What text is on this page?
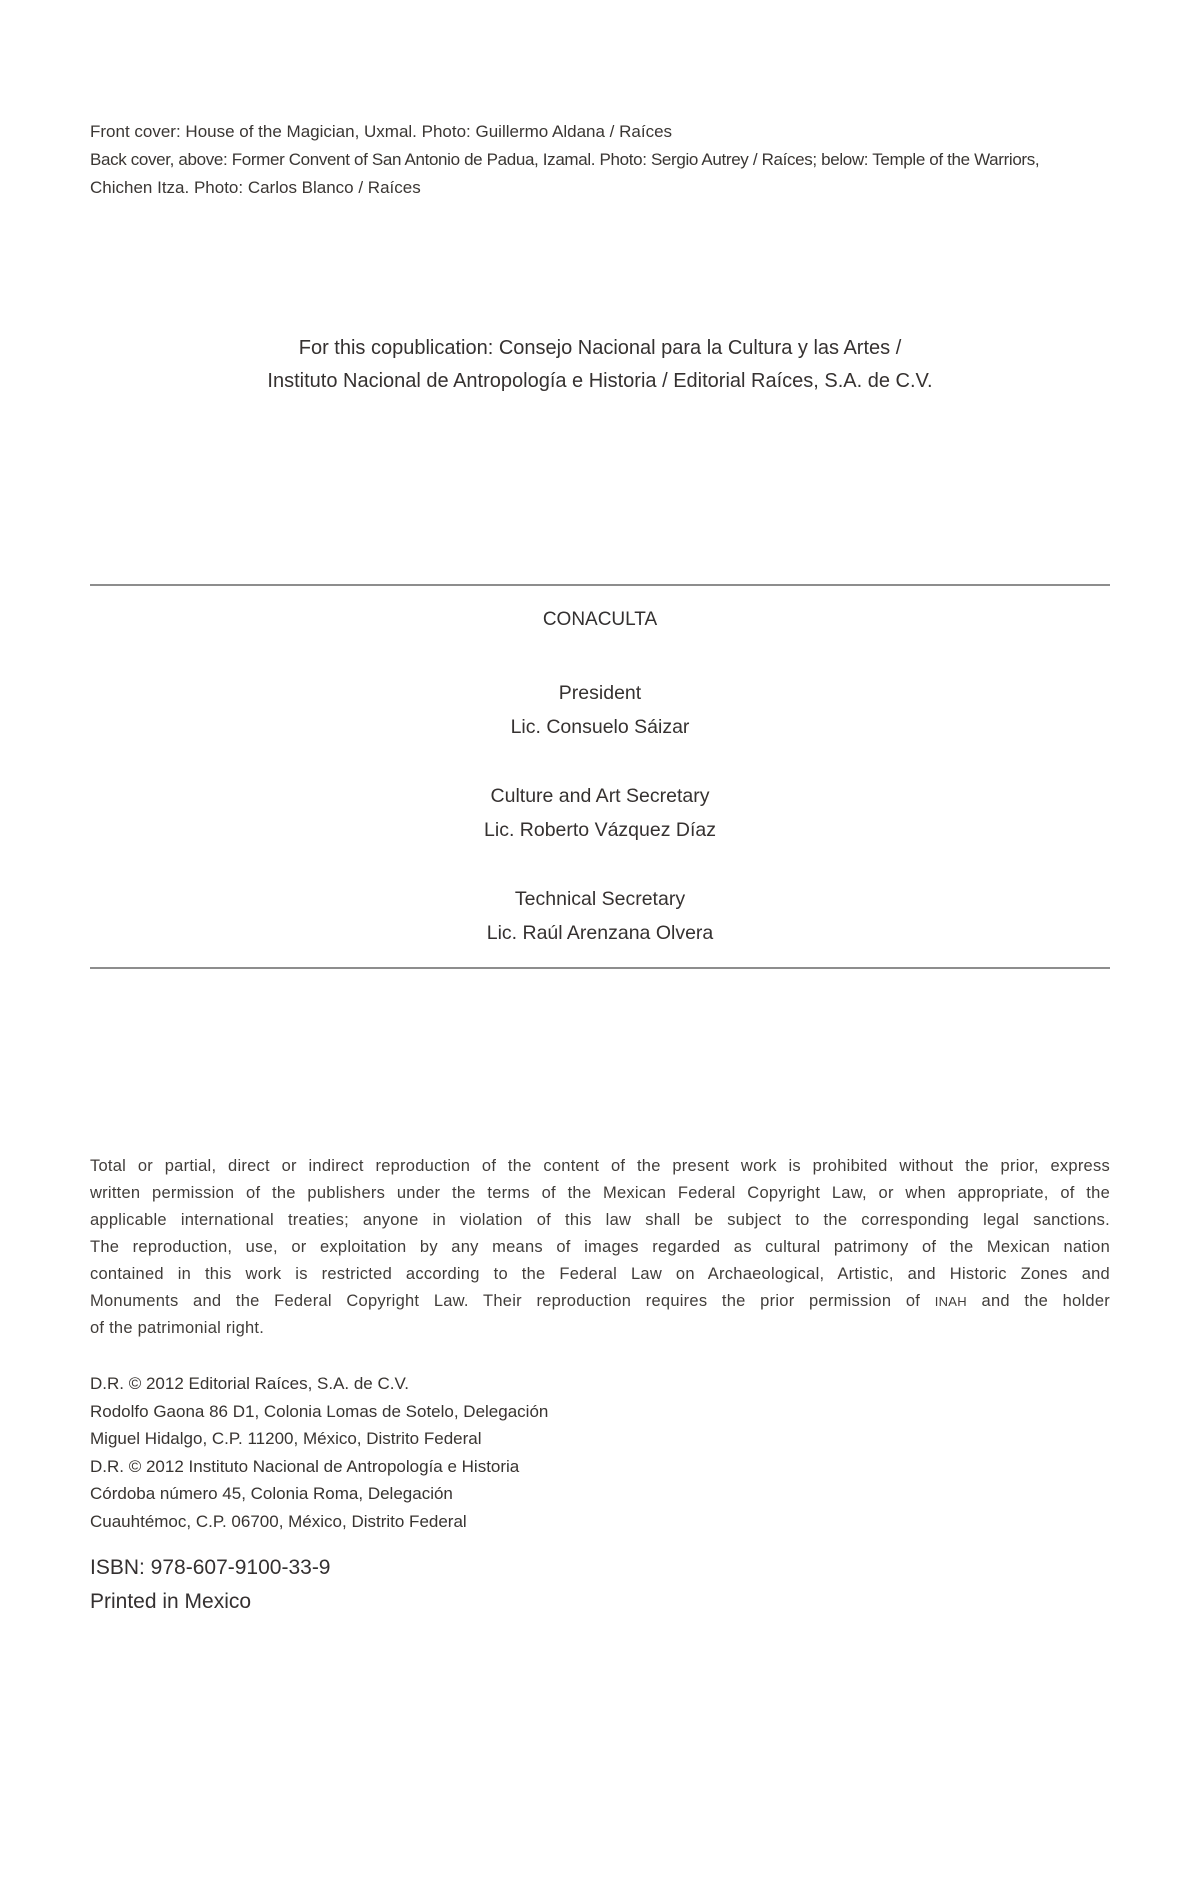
Front cover: House of the Magician, Uxmal. Photo: Guillermo Aldana / Raíces
Back cover, above: Former Convent of San Antonio de Padua, Izamal. Photo: Sergio Autrey / Raíces; below: Temple of the Warriors,
Chichen Itza. Photo: Carlos Blanco / Raíces
For this copublication: Consejo Nacional para la Cultura y las Artes /
Instituto Nacional de Antropología e Historia / Editorial Raíces, S.A. de C.V.
CONACULTA
President
Lic. Consuelo Sáizar
Culture and Art Secretary
Lic. Roberto Vázquez Díaz
Technical Secretary
Lic. Raúl Arenzana Olvera
Total or partial, direct or indirect reproduction of the content of the present work is prohibited without the prior, express
written permission of the publishers under the terms of the Mexican Federal Copyright Law, or when appropriate, of the
applicable international treaties; anyone in violation of this law shall be subject to the corresponding legal sanctions.
The reproduction, use, or exploitation by any means of images regarded as cultural patrimony of the Mexican nation
contained in this work is restricted according to the Federal Law on Archaeological, Artistic, and Historic Zones and
Monuments and the Federal Copyright Law. Their reproduction requires the prior permission of INAH and the holder
of the patrimonial right.
D.R. © 2012 Editorial Raíces, S.A. de C.V.
Rodolfo Gaona 86 D1, Colonia Lomas de Sotelo, Delegación
Miguel Hidalgo, C.P. 11200, México, Distrito Federal
D.R. © 2012 Instituto Nacional de Antropología e Historia
Córdoba número 45, Colonia Roma, Delegación
Cuauhtémoc, C.P. 06700, México, Distrito Federal
ISBN: 978-607-9100-33-9
Printed in Mexico
